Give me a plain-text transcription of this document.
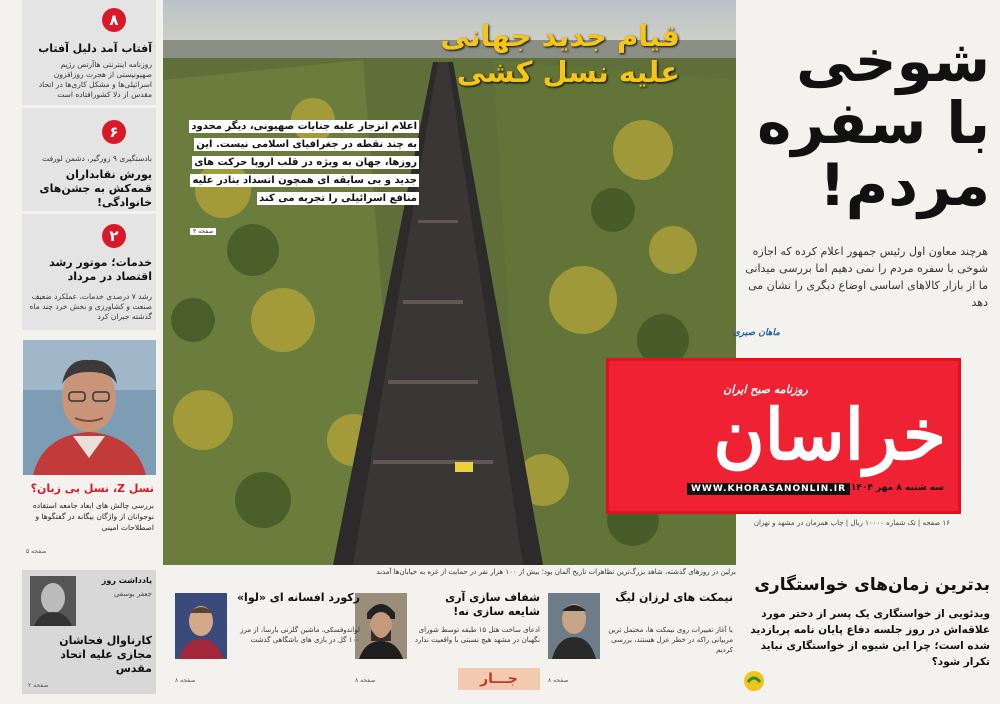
۸
آفتاب آمد دلیل آفتاب
روزنامه اینترنتی هاآرتص رژیم صهیونیستی از هجرت روزافزون اسرائیلی‌ها و مشکل کاری‌ها در اتحاد مقدس از دلا کشورافتاده است
۶
بادستگیری ۹ زورگیر، دشمن لورفت
یورش نقابداران قمه‌کش به جشن‌های خانوادگی!
۲
خدمات؛ موتور رشد اقتصاد در مرداد
رشد ۷ درصدی خدمات، عملکرد ضعیف صنعت و کشاورزی و بخش خرد چند ماه گذشته جبران کرد
نسل Z، نسل بی زبان؟
بررسی چالش های ابعاد جامعه استفاده نوجوانان از واژگان بیگانه در گفتگوها و اصطلاحات امینی
صفحه ۵
یادداشت روز
جعفر یوسفی
کارناوال فحاشان مجازی علیه اتحاد مقدس
صفحه ۲
قیام جدید جهانی علیه نسل کشی
اعلام انزجار علیه جنایات صهیونی، دیگر محدود به چند نقطه در جغرافیای اسلامی نیست. این روزها، جهان به ویژه در قلب اروپا حرکت های جدید و بی سابقه ای همچون انسداد بنادر علیه منافع اسرائیلی را تجربه می کند
صفحه ۳
برلین در روزهای گذشته، شاهد بزرگ‌ترین تظاهرات تاریخ آلمان بود؛ بیش از ۱۰۰ هزار نفر در حمایت از غزه به خیابان‌ها آمدند
شوخی با سفره مردم!
هرچند معاون اول رئیس جمهور اعلام کرده که اجازه شوخی با سفره مردم را نمی دهیم اما بررسی میدانی ما از بازار کالاهای اساسی اوضاع دیگری را نشان می دهد
ماهان صبری
روزنامه صبح ایران
خراسان
WWW.KHORASANONLIN.IR سه شنبه ۸ مهر ۱۴۰۴
۱۶ صفحه | تک شماره ۱۰۰۰۰ ریال | چاپ همزمان در مشهد و تهران
بدترین زمان‌های خواستگاری
ویدئویی از خواستگاری یک پسر از دختر مورد علاقه‌اش در روز جلسه دفاع پایان نامه پربازدید شده است؛ چرا این شیوه از خواستگاری نباید تکرار شود؟
نیمکت های لرزان لیگ
با آغاز تغییرات روی نیمکت ها، محتمل ترین مربیانی راکه در خطر عزل هستند، بررسی کردیم
صفحه ۸
شفاف سازی آری شایعه سازی نه!
ادعای ساخت هتل ۱۵ طبقه توسط شورای نگهبان در مشهد هیچ نسبتی با واقعیت ندارد
صفحه ۸
رکورد افسانه ای «لوا»
لواندوفسکی، ماشین گلزنی بارسا، از مرز ۱۰۰ گل در بازی های باشگاهی گذشت
صفحه ۸	جـــار
